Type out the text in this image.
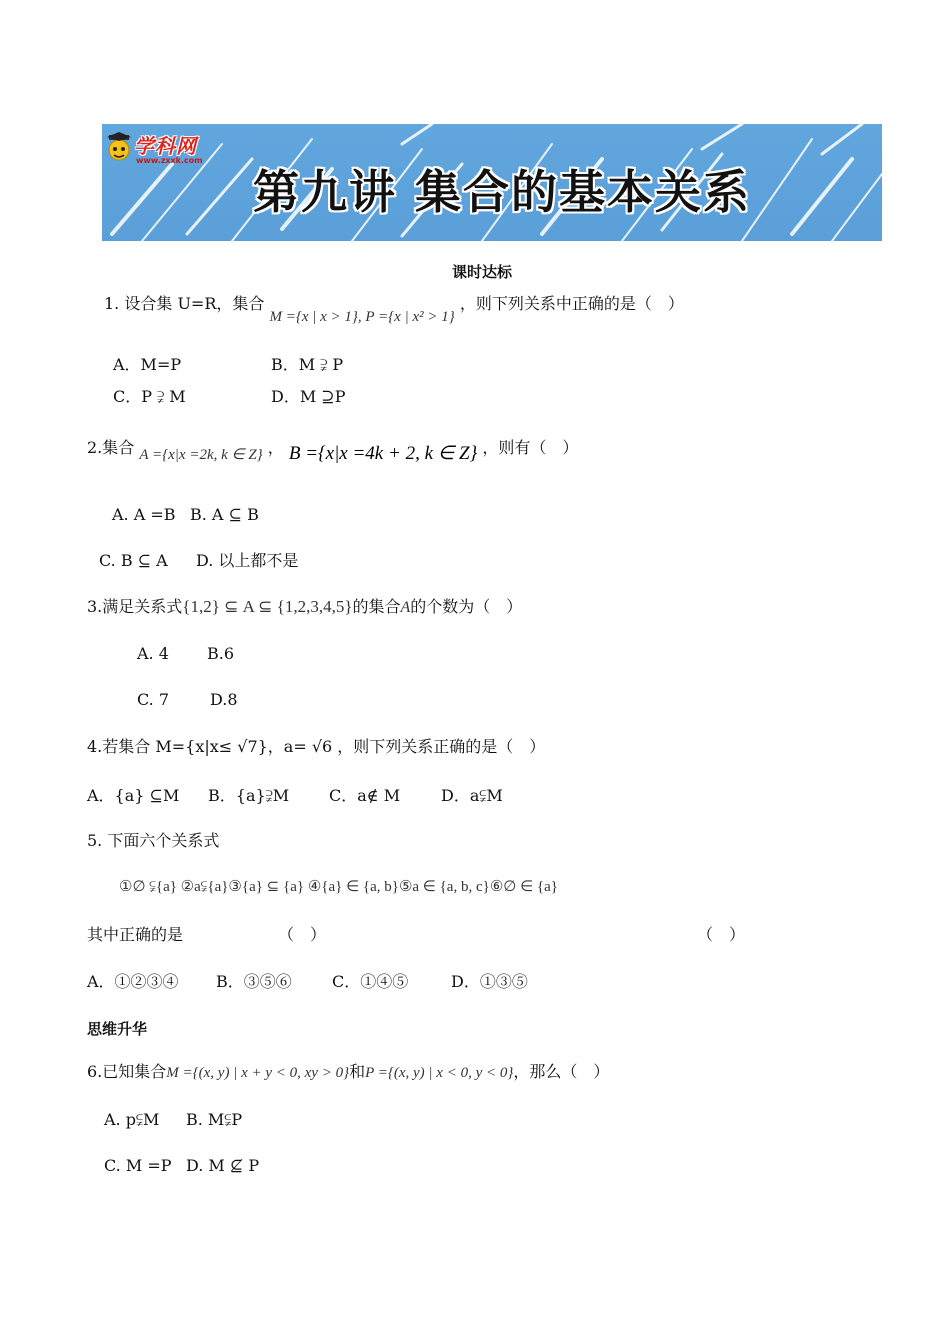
学科网
www.zxxk.com
第九讲 集合的基本关系
课时达标
1. 设合集 U=R，集合 M ={x | x > 1}, P ={x | x² > 1} ，则下列关系中正确的是（　）
A．M=P	B．M ⫌ P
C．P ⫌ M	D．M ⊇P
2.集合 A ={x|x =2k, k ∈ Z} ， B ={x|x =4k + 2, k ∈ Z} ，则有（　）
A. A =B B. A ⊆ B
C. B ⊆ A D. 以上都不是
3.满足关系式{1,2} ⊆ A ⊆ {1,2,3,4,5}的集合A的个数为（　）
A. 4 B.6
C. 7	D.8
4.若集合 M={x|x≤ √7}，a= √6 ，则下列关系正确的是（　）
A．{a} ⊆M B．{a}⫌M C．a∉ M	D．a⫋M
5. 下面六个关系式
①∅ ⫋{a} ②a⫋{a}③{a} ⊆ {a} ④{a} ∈ {a, b}⑤a ∈ {a, b, c}⑥∅ ∈ {a}
其中正确的是	（　）	（　）
A．①②③④ B．③⑤⑥	C．①④⑤	D．①③⑤
思维升华
6.已知集合M ={(x, y) | x + y < 0, xy > 0}和P ={(x, y) | x < 0, y < 0}，那么（　）
A. p⫋M B. M⫋P
C. M =P D. M ⊈ P
